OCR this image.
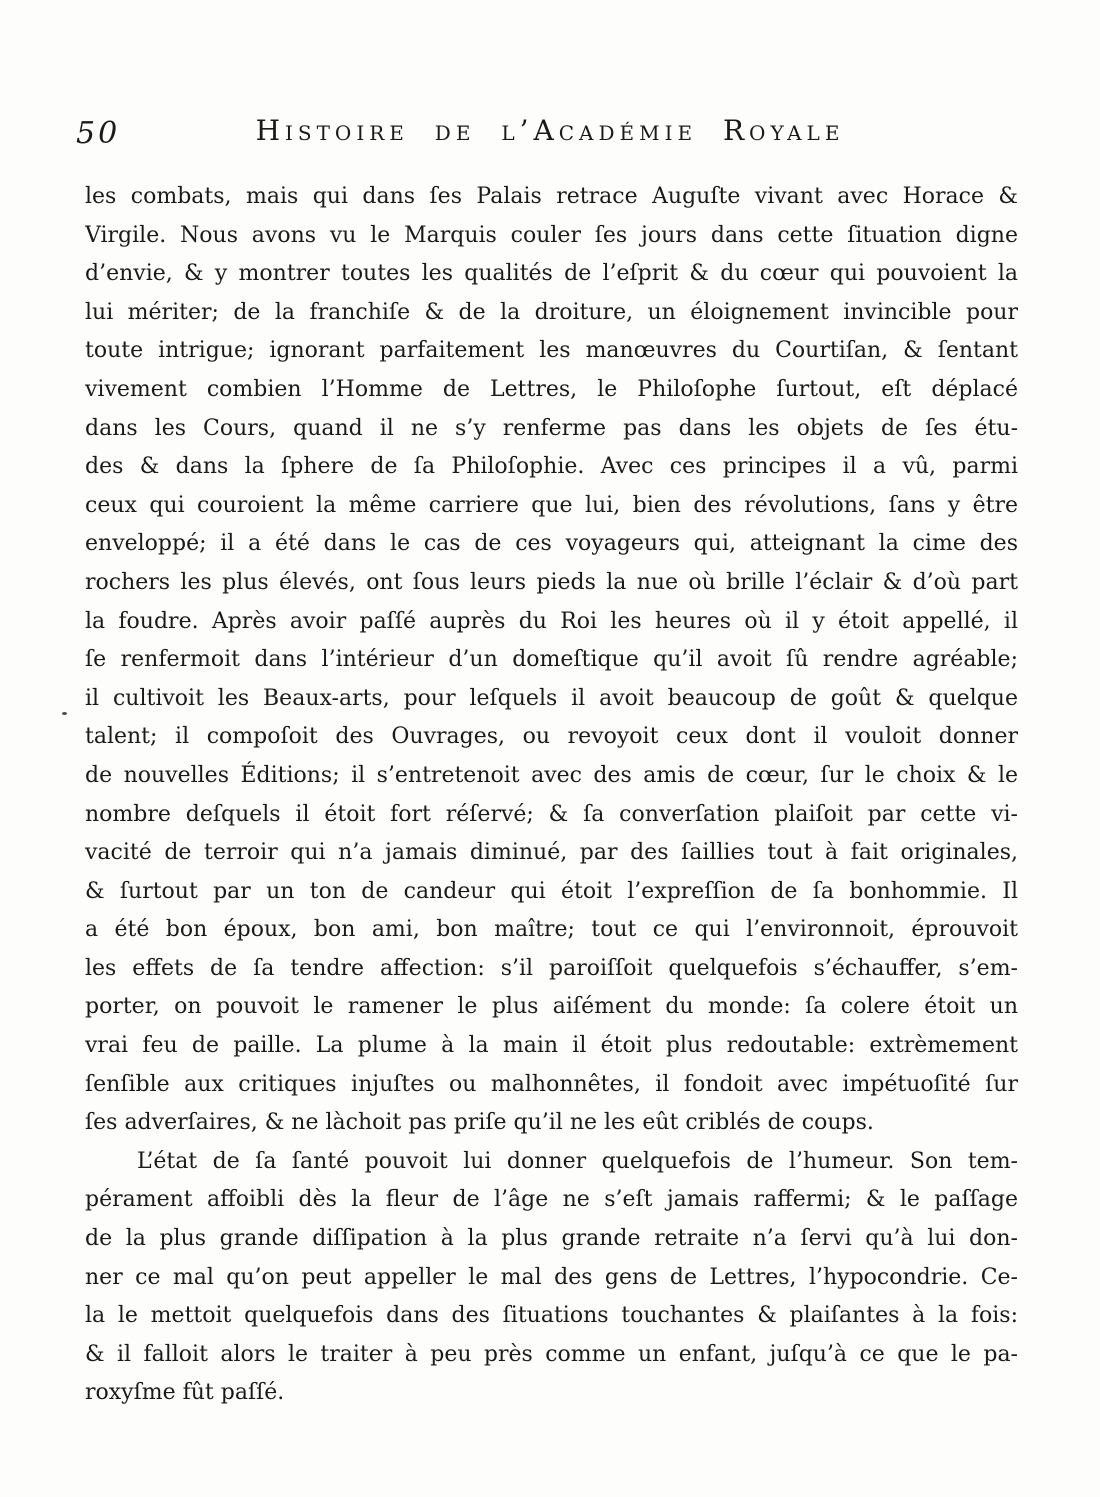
50	Histoire de l’Académie Royale
les combats, mais qui dans ſes Palais retrace Auguſte vivant avec Horace &
Virgile. Nous avons vu le Marquis couler ſes jours dans cette ſituation digne
d’envie, & y montrer toutes les qualités de l’eſprit & du cœur qui pouvoient la
lui mériter; de la franchiſe & de la droiture, un éloignement invincible pour
toute intrigue; ignorant parfaitement les manœuvres du Courtiſan, & ſentant
vivement combien l’Homme de Lettres, le Philoſophe ſurtout, eſt déplacé
dans les Cours, quand il ne s’y renferme pas dans les objets de ſes étu-
des & dans la ſphere de ſa Philoſophie. Avec ces principes il a vû, parmi
ceux qui couroient la même carriere que lui, bien des révolutions, ſans y être
enveloppé; il a été dans le cas de ces voyageurs qui, atteignant la cime des
rochers les plus élevés, ont ſous leurs pieds la nue où brille l’éclair & d’où part
la foudre. Après avoir paſſé auprès du Roi les heures où il y étoit appellé, il
ſe renfermoit dans l’intérieur d’un domeſtique qu’il avoit ſû rendre agréable;
il cultivoit les Beaux-arts, pour leſquels il avoit beaucoup de goût & quelque
talent; il compoſoit des Ouvrages, ou revoyoit ceux dont il vouloit donner
de nouvelles Éditions; il s’entretenoit avec des amis de cœur, ſur le choix & le
nombre deſquels il étoit fort réſervé; & ſa converſation plaiſoit par cette vi-
vacité de terroir qui n’a jamais diminué, par des ſaillies tout à fait originales,
& ſurtout par un ton de candeur qui étoit l’expreſſion de ſa bonhommie. Il
a été bon époux, bon ami, bon maître; tout ce qui l’environnoit, éprouvoit
les effets de ſa tendre affection: s’il paroiſſoit quelquefois s’échauffer, s’em-
porter, on pouvoit le ramener le plus aiſément du monde: ſa colere étoit un
vrai feu de paille. La plume à la main il étoit plus redoutable: extrèmement
ſenſible aux critiques injuſtes ou malhonnêtes, il fondoit avec impétuoſité ſur
ſes adverſaires, & ne làchoit pas priſe qu’il ne les eût criblés de coups.
L’état de ſa ſanté pouvoit lui donner quelquefois de l’humeur. Son tem-
pérament affoibli dès la fleur de l’âge ne s’eſt jamais raffermi; & le paſſage
de la plus grande diſſipation à la plus grande retraite n’a ſervi qu’à lui don-
ner ce mal qu’on peut appeller le mal des gens de Lettres, l’hypocondrie. Ce-
la le mettoit quelquefois dans des ſituations touchantes & plaiſantes à la fois:
& il falloit alors le traiter à peu près comme un enfant, juſqu’à ce que le pa-
roxyſme fût paſſé.
